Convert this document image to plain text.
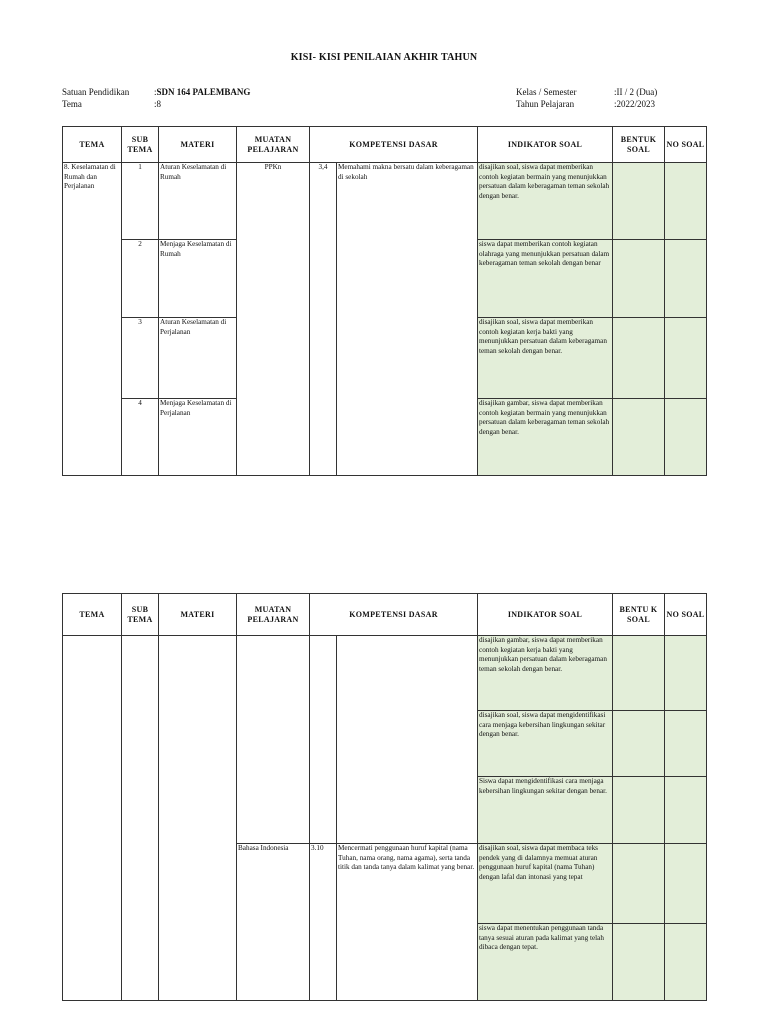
KISI- KISI PENILAIAN AKHIR TAHUN
Satuan Pendidikan	:SDN 164 PALEMBANG
Tema	:8
Kelas / Semester	:II / 2 (Dua)
Tahun Pelajaran	:2022/2023
TEMA	SUB TEMA	MATERI	MUATAN PELAJARAN	KOMPETENSI DASAR		INDIKATOR SOAL	BENTUK SOAL	NO SOAL
8. Keselamatan di Rumah dan Perjalanan	1	Aturan Keselamatan di Rumah	PPKn	3,4	Memahami makna bersatu dalam keberagaman di sekolah	disajikan soal, siswa dapat memberikan contoh kegiatan bermain yang menunjukkan persatuan dalam keberagaman teman sekolah dengan benar.		
	2	Menjaga Keselamatan di Rumah				siswa dapat memberikan contoh kegiatan olahraga yang menunjukkan persatuan dalam keberagaman teman sekolah dengan benar		
	3	Aturan Keselamatan di Perjalanan				disajikan soal, siswa dapat memberikan contoh kegiatan kerja bakti yang menunjukkan persatuan dalam keberagaman teman sekolah dengan benar.		
	4	Menjaga Keselamatan di Perjalanan				disajikan gambar, siswa dapat memberikan contoh kegiatan bermain yang menunjukkan persatuan dalam keberagaman teman sekolah dengan benar.		
TEMA	SUB TEMA	MATERI	MUATAN PELAJARAN	KOMPETENSI DASAR		INDIKATOR SOAL	BENTU K SOAL	NO SOAL
						disajikan gambar, siswa dapat memberikan contoh kegiatan kerja bakti yang menunjukkan persatuan dalam keberagaman teman sekolah dengan benar.		
						disajikan soal, siswa dapat mengidentifikasi cara menjaga kebersihan lingkungan sekitar dengan benar.		
						Siswa dapat mengidentifikasi cara menjaga kebersihan lingkungan sekitar dengan benar.		
			Bahasa Indonesia	3.10	Mencermati penggunaan huruf kapital (nama Tuhan, nama orang, nama agama), serta tanda titik dan tanda tanya dalam kalimat yang benar.	disajikan soal, siswa dapat membaca teks pendek yang di dalamnya memuat aturan penggunaan huruf kapital (nama Tuhan) dengan lafal dan intonasi yang tepat		
						siswa dapat menentukan penggunaan tanda tanya sesuai aturan pada kalimat yang telah dibaca dengan tepat.		
